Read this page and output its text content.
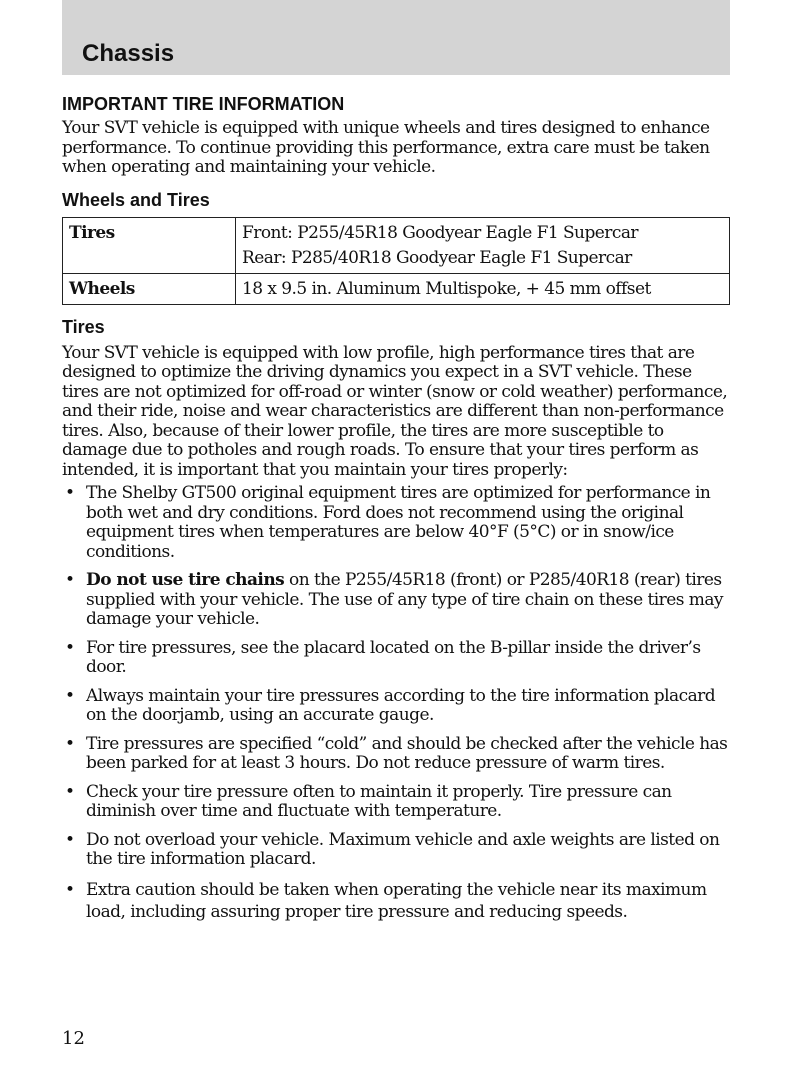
Chassis
IMPORTANT TIRE INFORMATION

Your SVT vehicle is equipped with unique wheels and tires designed to enhance performance. To continue providing this performance, extra care must be taken when operating and maintaining your vehicle.

Wheels and Tires
Tires	Front: P255/45R18 Goodyear Eagle F1 Supercar
Rear: P285/40R18 Goodyear Eagle F1 Supercar

Wheels	18 x 9.5 in. Aluminum Multispoke, + 45 mm offset
Tires

Your SVT vehicle is equipped with low profile, high performance tires that are designed to optimize the driving dynamics you expect in a SVT vehicle. These tires are not optimized for off-road or winter (snow or cold weather) performance, and their ride, noise and wear characteristics are different than non-performance tires. Also, because of their lower profile, the tires are more susceptible to damage due to potholes and rough roads. To ensure that your tires perform as intended, it is important that you maintain your tires properly:

• The Shelby GT500 original equipment tires are optimized for performance in both wet and dry conditions. Ford does not recommend using the original equipment tires when temperatures are below 40°F (5°C) or in snow/ice conditions.
• Do not use tire chains on the P255/45R18 (front) or P285/40R18 (rear) tires supplied with your vehicle. The use of any type of tire chain on these tires may damage your vehicle.
• For tire pressures, see the placard located on the B-pillar inside the driver’s door.
• Always maintain your tire pressures according to the tire information placard on the doorjamb, using an accurate gauge.
• Tire pressures are specified “cold” and should be checked after the vehicle has been parked for at least 3 hours. Do not reduce pressure of warm tires.
• Check your tire pressure often to maintain it properly. Tire pressure can diminish over time and fluctuate with temperature.
• Do not overload your vehicle. Maximum vehicle and axle weights are listed on the tire information placard.
• Extra caution should be taken when operating the vehicle near its maximum load, including assuring proper tire pressure and reducing speeds.
12
